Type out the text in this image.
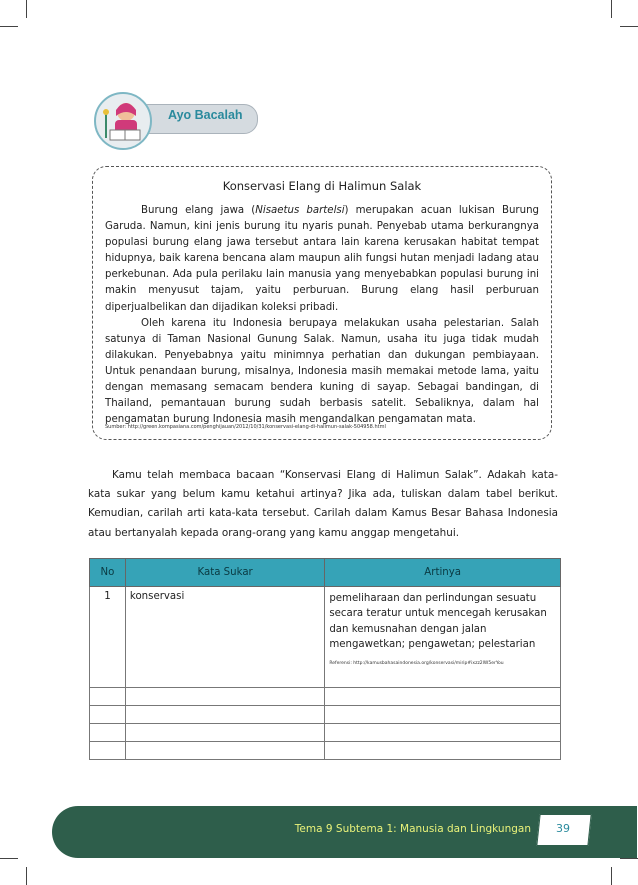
Ayo Bacalah
Konservasi Elang di Halimun Salak

Burung elang jawa (Nisaetus bartelsi) merupakan acuan lukisan Burung Garuda. Namun, kini jenis burung itu nyaris punah. Penyebab utama berkurangnya populasi burung elang jawa tersebut antara lain karena kerusakan habitat tempat hidupnya, baik karena bencana alam maupun alih fungsi hutan menjadi ladang atau perkebunan. Ada pula perilaku lain manusia yang menyebabkan populasi burung ini makin menyusut tajam, yaitu perburuan. Burung elang hasil perburuan diperjualbelikan dan dijadikan koleksi pribadi.

Oleh karena itu Indonesia berupaya melakukan usaha pelestarian. Salah satunya di Taman Nasional Gunung Salak. Namun, usaha itu juga tidak mudah dilakukan. Penyebabnya yaitu minimnya perhatian dan dukungan pembiayaan. Untuk penandaan burung, misalnya, Indonesia masih memakai metode lama, yaitu dengan memasang semacam bendera kuning di sayap. Sebagai bandingan, di Thailand, pemantauan burung sudah berbasis satelit. Sebaliknya, dalam hal pengamatan burung Indonesia masih mengandalkan pengamatan mata.

Sumber: http://green.kompasiana.com/penghijauan/2012/10/31/konservasi-elang-di-halimun-salak-504958.html
Kamu telah membaca bacaan “Konservasi Elang di Halimun Salak”. Adakah kata-kata sukar yang belum kamu ketahui artinya? Jika ada, tuliskan dalam tabel berikut. Kemudian, carilah arti kata-kata tersebut. Carilah dalam Kamus Besar Bahasa Indonesia atau bertanyalah kepada orang-orang yang kamu anggap mengetahui.
No	Kata Sukar	Artinya
1	konservasi	pemeliharaan dan perlindungan sesuatu secara teratur untuk mencegah kerusakan dan kemusnahan dengan jalan mengawetkan; pengawetan; pelestarian
Referensi: http://kamusbahasaindonesia.org/konservasi/mirip#ixzz2lW5erYou

Tema 9 Subtema 1: Manusia dan Lingkungan	39
